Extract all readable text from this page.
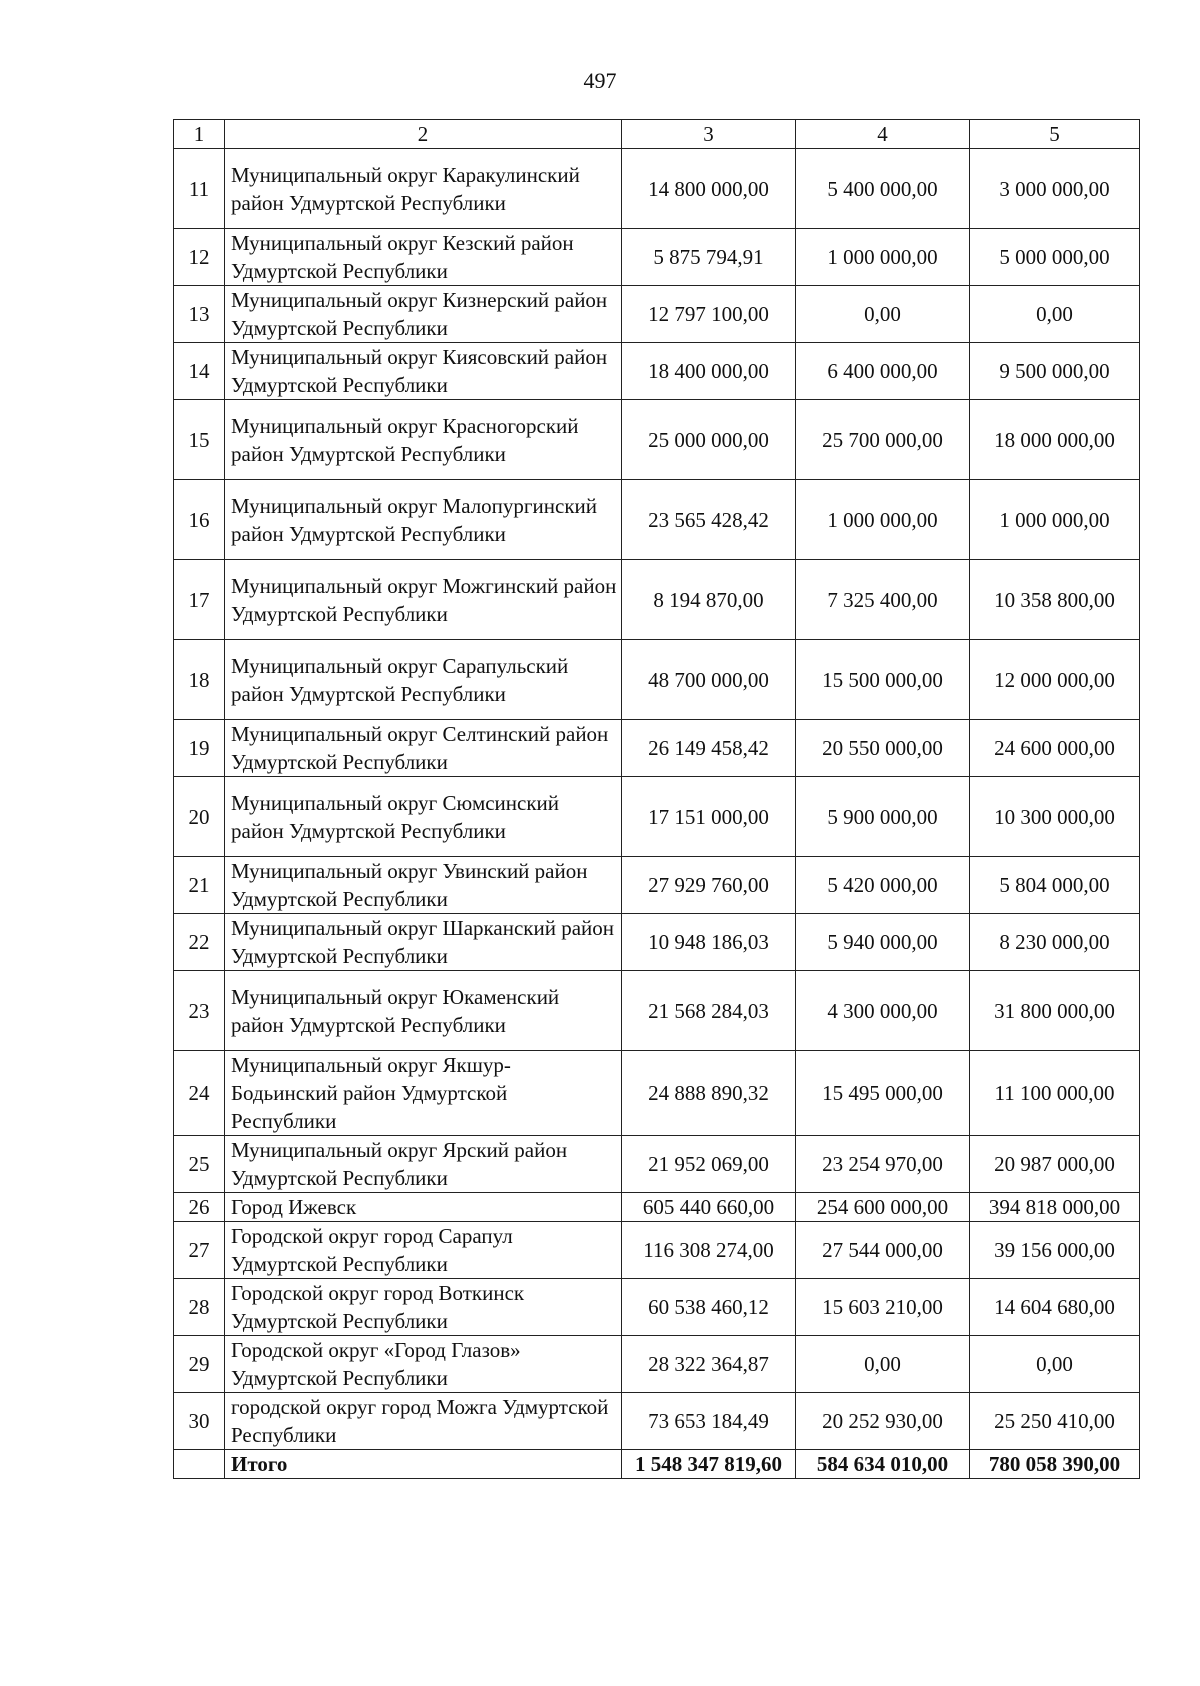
497
1	2	3	4	5
11	Муниципальный округ Каракулинский район Удмуртской Республики	14 800 000,00	5 400 000,00	3 000 000,00
12	Муниципальный округ Кезский район Удмуртской Республики	5 875 794,91	1 000 000,00	5 000 000,00
13	Муниципальный округ Кизнерский район Удмуртской Республики	12 797 100,00	0,00	0,00
14	Муниципальный округ Киясовский район Удмуртской Республики	18 400 000,00	6 400 000,00	9 500 000,00
15	Муниципальный округ Красногорский район Удмуртской Республики	25 000 000,00	25 700 000,00	18 000 000,00
16	Муниципальный округ Малопургинский район Удмуртской Республики	23 565 428,42	1 000 000,00	1 000 000,00
17	Муниципальный округ Можгинский район Удмуртской Республики	8 194 870,00	7 325 400,00	10 358 800,00
18	Муниципальный округ Сарапульский район Удмуртской Республики	48 700 000,00	15 500 000,00	12 000 000,00
19	Муниципальный округ Селтинский район Удмуртской Республики	26 149 458,42	20 550 000,00	24 600 000,00
20	Муниципальный округ Сюмсинский район Удмуртской Республики	17 151 000,00	5 900 000,00	10 300 000,00
21	Муниципальный округ Увинский район Удмуртской Республики	27 929 760,00	5 420 000,00	5 804 000,00
22	Муниципальный округ Шарканский район Удмуртской Республики	10 948 186,03	5 940 000,00	8 230 000,00
23	Муниципальный округ Юкаменский район Удмуртской Республики	21 568 284,03	4 300 000,00	31 800 000,00
24	Муниципальный округ Якшур-Бодьинский район Удмуртской Республики	24 888 890,32	15 495 000,00	11 100 000,00
25	Муниципальный округ Ярский район Удмуртской Республики	21 952 069,00	23 254 970,00	20 987 000,00
26	Город Ижевск	605 440 660,00	254 600 000,00	394 818 000,00
27	Городской округ город Сарапул Удмуртской Республики	116 308 274,00	27 544 000,00	39 156 000,00
28	Городской округ город Воткинск Удмуртской Республики	60 538 460,12	15 603 210,00	14 604 680,00
29	Городской округ «Город Глазов» Удмуртской Республики	28 322 364,87	0,00	0,00
30	городской округ город Можга Удмуртской Республики	73 653 184,49	20 252 930,00	25 250 410,00
	Итого	1 548 347 819,60	584 634 010,00	780 058 390,00
